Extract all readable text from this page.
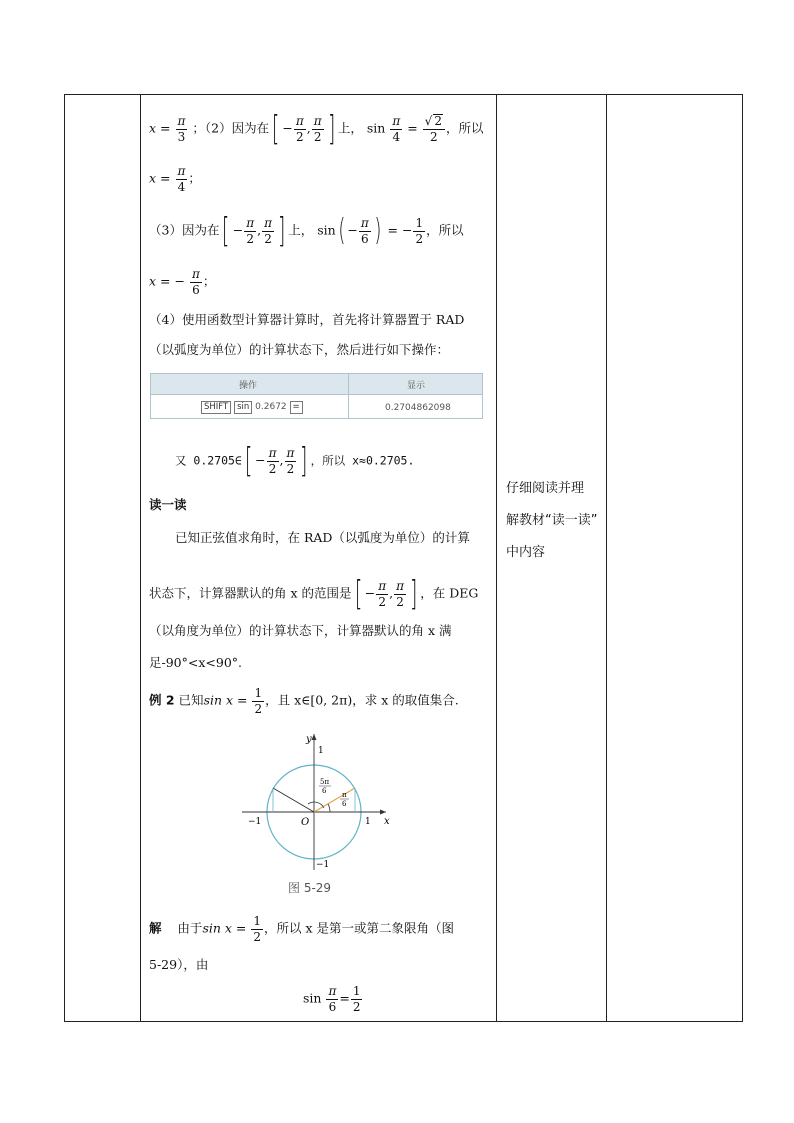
$x = \frac{\pi}{3}$ ；（2）因为在[ − $\frac{\pi}{2}$ , $\frac{\pi}{2}$ ] 上， $\sin \frac{\pi}{4} = \frac{√ 2}{2}$ ，所以
$x = \frac{\pi}{4}$ ；
（3）因为在[ − $\frac{\pi}{2}$ , $\frac{\pi}{2}$ ] 上， $\sin( - \frac{\pi}{6}$ ) = − $\frac{1}{2}$ ，所以
x = − $\frac{\pi}{6}$ ；
（4）使用函数型计算器计算时，首先将计算器置于 RAD
（以弧度为单位）的计算状态下，然后进行如下操作：
操作	显示
SHIFT sin 0.2672 =	0.2704862098
又 0.2705∈[ − $\frac{\pi}{2}$ , $\frac{\pi}{2}$ ] ，所以 x≈0.2705.
读一读
已知正弦值求角时，在 RAD（以弧度为单位）的计算
状态下，计算器默认的角 x 的范围是[ − $\frac{\pi}{2}$ , $\frac{\pi}{2}$ ] ，在 DEG
（以角度为单位）的计算状态下，计算器默认的角 x 满
足-90°<x<90°.
例 2 已知$\sin x = \frac{1}{2}$ ，且 x∈[0, 2π)，求 x 的取值集合.
y
x
O
1
1
−1
−1
5π
6 π
6
图 5-29
解 由于$\sin x = \frac{1}{2}$ ，所以 x 是第一或第二象限角（图
5-29），由
$\sin \frac{\pi}{6} = \frac{1}{2}$
仔细阅读并理
解教材“读一读”
中内容
